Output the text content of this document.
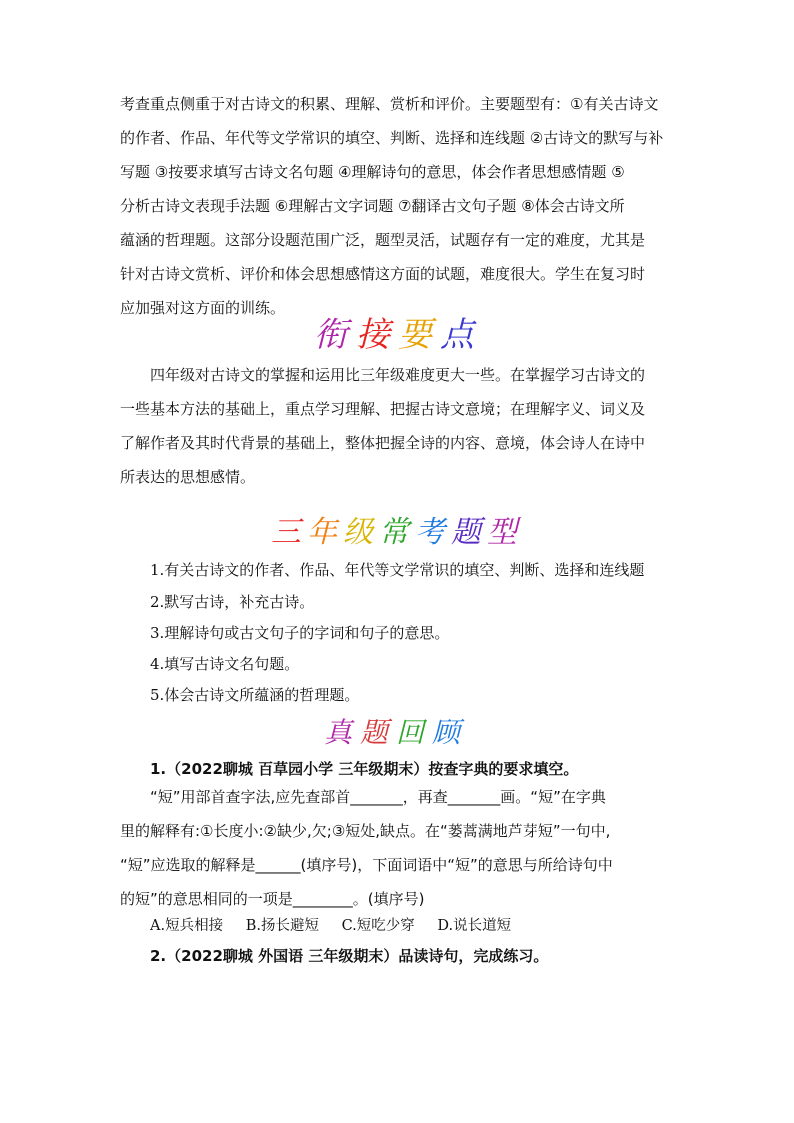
考查重点侧重于对古诗文的积累、理解、赏析和评价。主要题型有：①有关古诗文
的作者、作品、年代等文学常识的填空、判断、选择和连线题 ②古诗文的默写与补
写题 ③按要求填写古诗文名句题 ④理解诗句的意思，体会作者思想感情题 ⑤
分析古诗文表现手法题 ⑥理解古文字词题 ⑦翻译古文句子题 ⑧体会古诗文所
蕴涵的哲理题。这部分设题范围广泛，题型灵活，试题存有一定的难度，尤其是
针对古诗文赏析、评价和体会思想感情这方面的试题，难度很大。学生在复习时
应加强对这方面的训练。
衔 接 要 点
四年级对古诗文的掌握和运用比三年级难度更大一些。在掌握学习古诗文的
一些基本方法的基础上，重点学习理解、把握古诗文意境；在理解字义、词义及
了解作者及其时代背景的基础上，整体把握全诗的内容、意境，体会诗人在诗中
所表达的思想感情。
三 年 级 常 考 题 型
1.有关古诗文的作者、作品、年代等文学常识的填空、判断、选择和连线题
2.默写古诗，补充古诗。
3.理解诗句或古文句子的字词和句子的意思。
4.填写古诗文名句题。
5.体会古诗文所蕴涵的哲理题。
真 题 回 顾
1.（2022聊城 百草园小学 三年级期末）按查字典的要求填空。
“短”用部首查字法,应先查部首_______，再查_______画。“短”在字典
里的解释有:①长度小:②缺少,欠;③短处,缺点。在“蒌蒿满地芦芽短”一句中,
“短”应选取的解释是______(填序号)，下面词语中“短”的意思与所给诗句中
的短”的意思相同的一项是________。(填序号)
A.短兵相接 B.扬长避短 C.短吃少穿 D.说长道短
2.（2022聊城 外国语 三年级期末）品读诗句，完成练习。
